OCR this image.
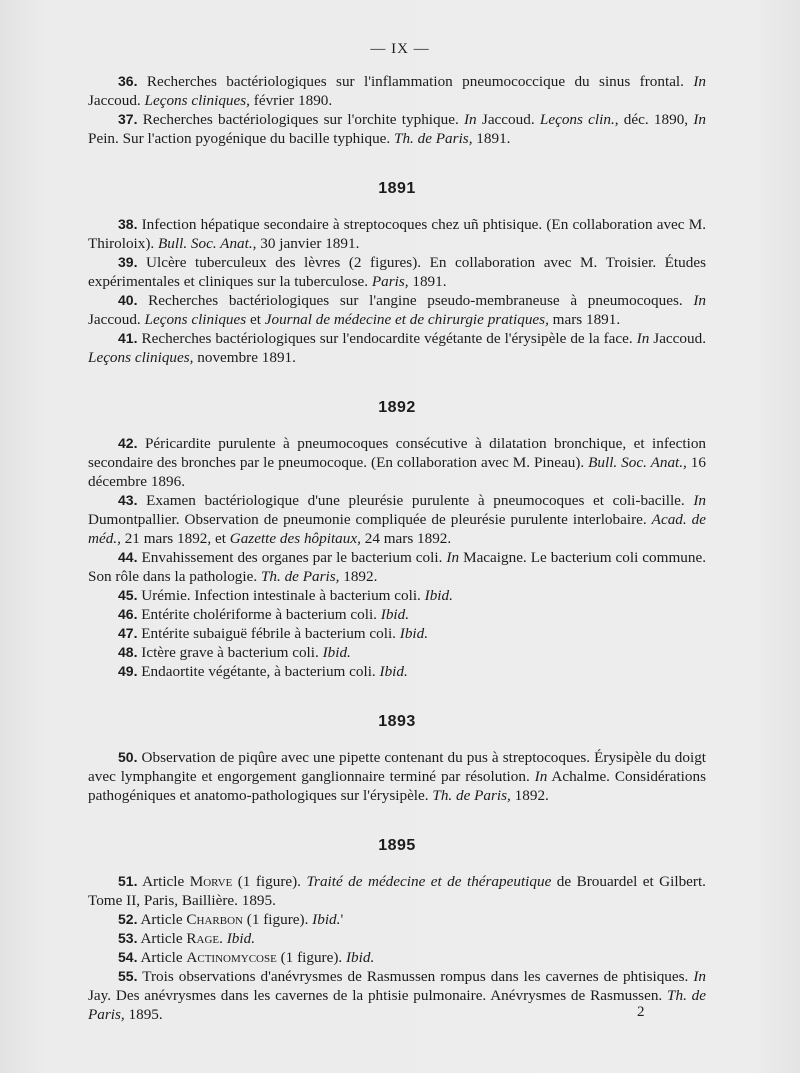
— IX —

36. Recherches bactériologiques sur l'inflammation pneumococcique du sinus frontal. In Jaccoud. Leçons cliniques, février 1890.

37. Recherches bactériologiques sur l'orchite typhique. In Jaccoud. Leçons clin., déc. 1890, In Pein. Sur l'action pyogénique du bacille typhique. Th. de Paris, 1891.

1891

38. Infection hépatique secondaire à streptocoques chez uñ phtisique. (En collaboration avec M. Thiroloix). Bull. Soc. Anat., 30 janvier 1891.

39. Ulcère tuberculeux des lèvres (2 figures). En collaboration avec M. Troisier. Études expérimentales et cliniques sur la tuberculose. Paris, 1891.

40. Recherches bactériologiques sur l'angine pseudo-membraneuse à pneumocoques. In Jaccoud. Leçons cliniques et Journal de médecine et de chirurgie pratiques, mars 1891.

41. Recherches bactériologiques sur l'endocardite végétante de l'érysipèle de la face. In Jaccoud. Leçons cliniques, novembre 1891.

1892

42. Péricardite purulente à pneumocoques consécutive à dilatation bronchique, et infection secondaire des bronches par le pneumocoque. (En collaboration avec M. Pineau). Bull. Soc. Anat., 16 décembre 1896.

43. Examen bactériologique d'une pleurésie purulente à pneumocoques et coli-bacille. In Dumontpallier. Observation de pneumonie compliquée de pleurésie purulente interlobaire. Acad. de méd., 21 mars 1892, et Gazette des hôpitaux, 24 mars 1892.

44. Envahissement des organes par le bacterium coli. In Macaigne. Le bacterium coli commune. Son rôle dans la pathologie. Th. de Paris, 1892.

45. Urémie. Infection intestinale à bacterium coli. Ibid.

46. Entérite cholériforme à bacterium coli. Ibid.

47. Entérite subaiguë fébrile à bacterium coli. Ibid.

48. Ictère grave à bacterium coli. Ibid.

49. Endaortite végétante, à bacterium coli. Ibid.

1893

50. Observation de piqûre avec une pipette contenant du pus à streptocoques. Érysipèle du doigt avec lymphangite et engorgement ganglionnaire terminé par résolution. In Achalme. Considérations pathogéniques et anatomo-pathologiques sur l'érysipèle. Th. de Paris, 1892.

1895

51. Article Morve (1 figure). Traité de médecine et de thérapeutique de Brouardel et Gilbert. Tome II, Paris, Baillière. 1895.

52. Article Charbon (1 figure). Ibid.'

53. Article Rage. Ibid.

54. Article Actinomycose (1 figure). Ibid.

55. Trois observations d'anévrysmes de Rasmussen rompus dans les cavernes de phtisiques. In Jay. Des anévrysmes dans les cavernes de la phtisie pulmonaire. Anévrysmes de Rasmussen. Th. de Paris, 1895.	2
